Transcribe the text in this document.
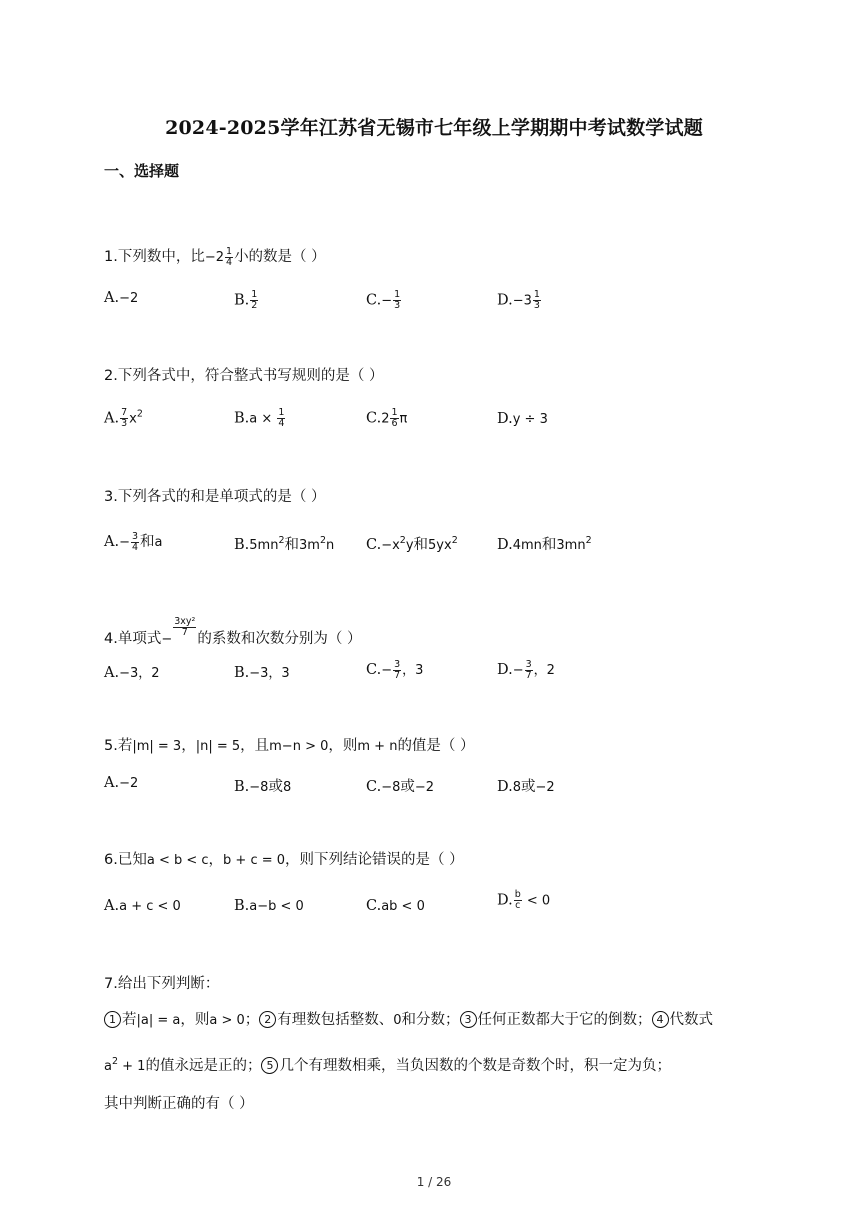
2024-2025学年江苏省无锡市七年级上学期期中考试数学试题
一、选择题
1.下列数中，比$-2 \frac{1}{4}$ 小的数是（ ）
A.−2	B. $\frac{1}{2}$	$C.- \frac{1}{3}$	$D.-3 \frac{1}{3}$
2.下列各式中，符合整式书写规则的是（ ）
A. $\frac{7}{3} x^2$	$B.a \times \frac{1}{4}$	$C.2 \frac{1}{6}$ π	D.y ÷ 3
3.下列各式的和是单项式的是（ ）
$A.- \frac{3}{4}$ 和a	$B.5mn^2$和$3m^2n$ $C.-x^2y$和$5yx^2$	D.4mn和$3mn^2$
4.单项式−
$\frac{\text{3xy²}}{7}$
的系数和次数分别为（ ）
A.−3，2	B.−3，3	$C.- \frac{3}{7}$ ，3	$D.- \frac{3}{7}$ ，2
5.若|m| = 3，|n| = 5，且m−n > 0，则m + n的值是（ ）
A.−2	B.−8或8	C.−8或−2	D.8或−2
6.已知a < b < c，b + c = 0，则下列结论错误的是（ ）
A.a + c < 0	B.a−b < 0	C.ab < 0	D. $\frac{b}{c} < 0$
7.给出下列判断：
1 若|a| = a，则a > 0； 2 有理数包括整数、0和分数； 3 任何正数都大于它的倒数； 4 代数式
$a^2 + 1$的值永远是正的； 5 几个有理数相乘，当负因数的个数是奇数个时，积一定为负；
其中判断正确的有（ ）
1 / 26
